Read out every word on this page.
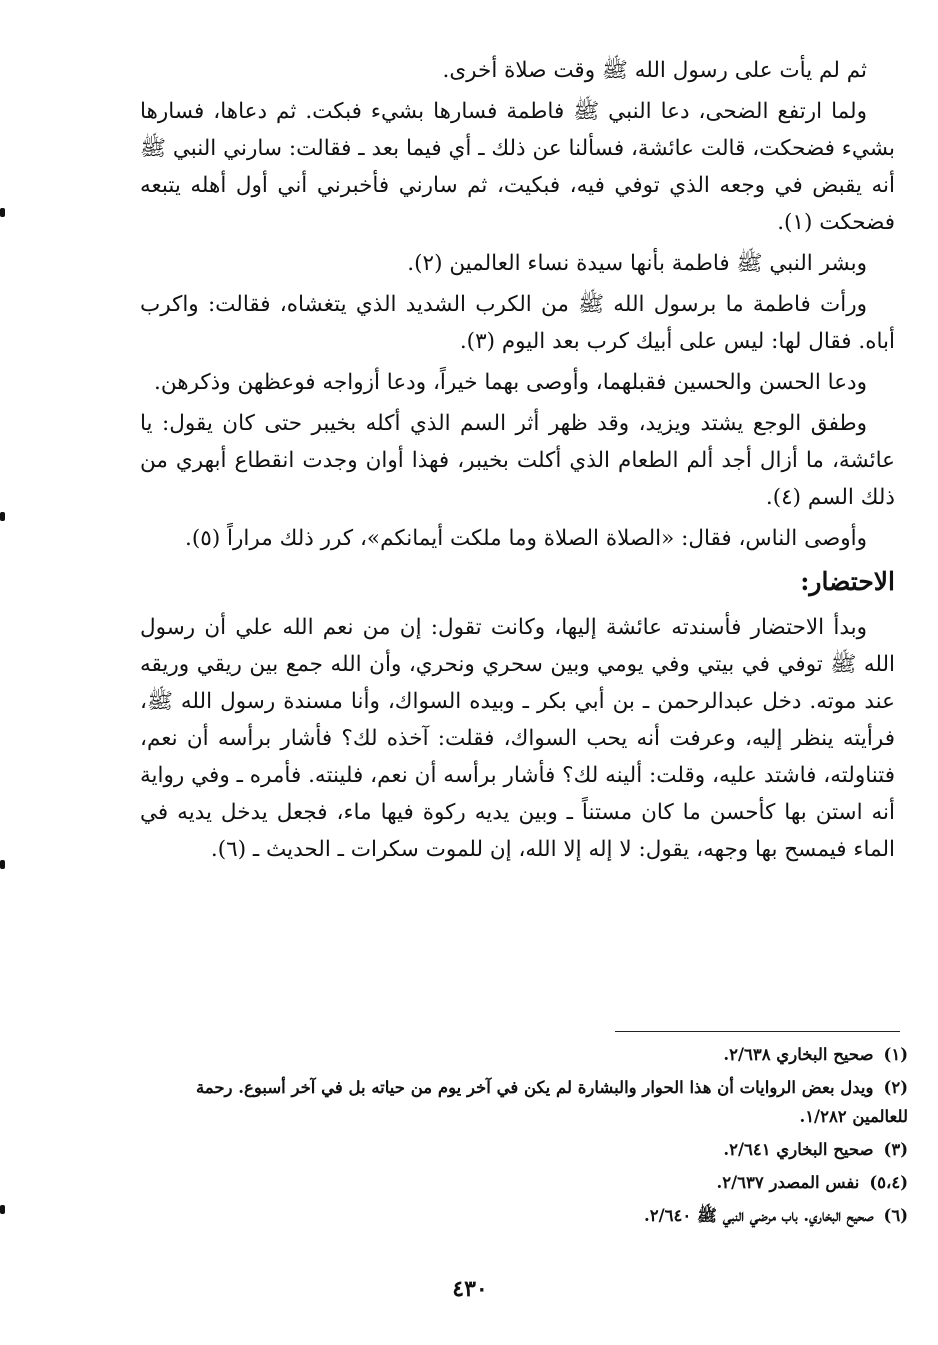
ثم لم يأت على رسول الله ﷺ وقت صلاة أخرى.

ولما ارتفع الضحى، دعا النبي ﷺ فاطمة فسارها بشيء فبكت. ثم دعاها، فسارها بشيء فضحكت، قالت عائشة، فسألنا عن ذلك ـ أي فيما بعد ـ فقالت: سارني النبي ﷺ أنه يقبض في وجعه الذي توفي فيه، فبكيت، ثم سارني فأخبرني أني أول أهله يتبعه فضحكت (١).

وبشر النبي ﷺ فاطمة بأنها سيدة نساء العالمين (٢).

ورأت فاطمة ما برسول الله ﷺ من الكرب الشديد الذي يتغشاه، فقالت: واكرب أباه. فقال لها: ليس على أبيك كرب بعد اليوم (٣).

ودعا الحسن والحسين فقبلهما، وأوصى بهما خيراً، ودعا أزواجه فوعظهن وذكرهن.

وطفق الوجع يشتد ويزيد، وقد ظهر أثر السم الذي أكله بخيبر حتى كان يقول: يا عائشة، ما أزال أجد ألم الطعام الذي أكلت بخيبر، فهذا أوان وجدت انقطاع أبهري من ذلك السم (٤).

وأوصى الناس، فقال: «الصلاة الصلاة وما ملكت أيمانكم»، كرر ذلك مراراً (٥).

الاحتضار:

وبدأ الاحتضار فأسندته عائشة إليها، وكانت تقول: إن من نعم الله علي أن رسول الله ﷺ توفي في بيتي وفي يومي وبين سحري ونحري، وأن الله جمع بين ريقي وريقه عند موته. دخل عبدالرحمن ـ بن أبي بكر ـ وبيده السواك، وأنا مسندة رسول الله ﷺ، فرأيته ينظر إليه، وعرفت أنه يحب السواك، فقلت: آخذه لك؟ فأشار برأسه أن نعم، فتناولته، فاشتد عليه، وقلت: ألينه لك؟ فأشار برأسه أن نعم، فلينته. فأمره ـ وفي رواية أنه استن بها كأحسن ما كان مستناً ـ وبين يديه ركوة فيها ماء، فجعل يدخل يديه في الماء فيمسح بها وجهه، يقول: لا إله إلا الله، إن للموت سكرات ـ الحديث ـ (٦).

(١)صحيح البخاري ٢/٦٣٨.
(٢)ويدل بعض الروايات أن هذا الحوار والبشارة لم يكن في آخر يوم من حياته بل في آخر أسبوع. رحمة للعالمين ١/٢٨٢.
(٣)صحيح البخاري ٢/٦٤١.
(٥،٤)نفس المصدر ٢/٦٣٧.
(٦)صحيح البخاري. باب مرضي النبي ﷺ ٢/٦٤٠.
٤٣٠
